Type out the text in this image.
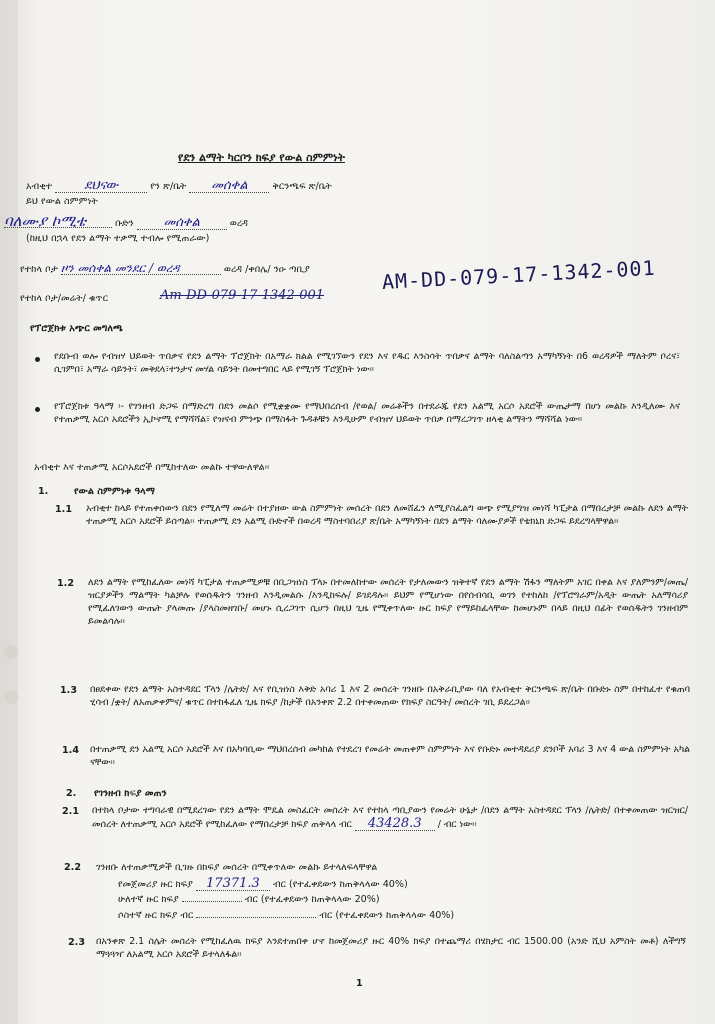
የደን ልማት ካርቦን ክፍያ የውል ስምምነት
አብቂተ ደህናው	የን ጽ/ቤት መሰቀል	ቅርንጫፍ ጽ/ቤት
ይህ የውል ስምምነት
ባለሙያ ኮሚቴ	ቡድን መሰቀል	ወረዳ
(ከዚህ በኋላ የደን ልማት ተቃሚ ተብሎ የሚጠራው)
የተከላ ቦታ ዞን መሰቀል መንደር / ወረዳ	ወረዳ /ቀበሌ/ ንዑ ጣቢያ
የተከላ ቦታ/መሬት/ ቁጥር	Am-DD-079-17-1342-001
AM-DD-079-17-1342-001
የፕሮጀክቱ አጭር መግለጫ
የደቡብ ወሎ የብዝሃ ህይወት ጥበቃና የደን ልማት ፕሮጀክት በአማራ ክልል የሚገኘውን የደን እና የዱር እንስሳት ጥበቃና ልማት ባለስልጣን አማካኝነት በ6 ወረዳዎች ማለትም ቦረና፣ ሲገምበ፣ አማራ ሳይንት፣ መቅደላ፣ተንታና መሃል ሳይንት በመተግበር ላይ የሚገኝ ፕሮጀክት ነው፡፡
የፕሮጀክቱ ዓላማ ፡- የገንዘብ ድጋፍ በማድረግ በደን መልሶ የሚቋቋሙ የማህበረሰብ /የወል/ መሬቶችን በተደራጁ የደን አልሚ አርሶ አደሮች ውጤታማ በሆነ መልኩ እንዲለሙ እና የተጠቃሚ አርሶ አደሮችን ኢኮኖሚ የማሻሻል፣ የዝናብ ምንጭ በማስፋት ጉዳቶቹን እንዲሁም የብዝሃ ህይወት ጥበቃ በማረጋገጥ ዘላቂ ልማትን ማሻሻል ነው፡፡
አብቂተ እና ተጠቃሚ አርሶአደሮች በሚከተለው መልኩ ተዋውለዋል፡፡
1.	የውል ስምምነቱ ዓላማ
1.1 አብቂተ ከላይ የተጠቀሰውን በደን የሚለማ መሬት በተያዘው ውል ስምምነት መሰረት በደን ለመሸፈን ለሚያስፈልግ ወጭ የሚያግዝ መነሻ ካፒታል በማበረታቻ መልኩ ለደን ልማት ተጠቃሚ አርሶ አደሮች ይሰጣል፡፡ ተጠቃሚ ደን አልሚ ቡድኖች በወረዳ ማስተባበሪያ ጽ/ቤት አማካኝነት በደን ልማት ባለሙያዎች የቴክኒክ ድጋፍ ይደረግላቸዋል፡፡
1.2 ለደን ልማት የሚከፈለው መነሻ ካፒታል ተጠቃሚዎቹ በቢጋዝነስ ፕላኑ በተመለከተው መሰረት የታለመውን ዝቅተኛ የደን ልማት ሽፋን ማለትም አገር በቀል እና ያለምንም/መጤ/ ዝርያዎችን ማልማት ካልቻሉ የወሰዱትን ገንዘብ እንዲመልሱ /እንዲከፍሉ/ ይገደዳሉ፡፡ ይህም የሚሆነው በየሰብሳቢ ወገን የተከለከ /የፕሮግራም/አዲት ውጤት አለማሳሪያ የሚፈለገውን ውጤት ያላመጡ /ያላስመዘገቡ/ መሆኑ ሲረጋገጥ ሲሆን በዚህ ጊዜ የሚቀጥለው ዙር ክፍያ የማይከፈላቸው ከመሆኑም በላይ በዚህ በፊት የወሰዱትን ገንዘብም ይመልሳሉ፡፡
1.3 በፀደቀው የደን ልማት አስተዳደር ፕላን /ሌትድ/ እና የቢዝነስ እቅድ አባሪ 1 እና 2 መሰረት ገንዘቡ በአቅራቢያው ባለ የአብቂተ ቅርንጫፍ ጽ/ቤት በቡድኑ ስም በተከፈተ የቁጠባ ሂሳብ /ቋት/ ለአጠቃቀምና/ ቁጥር በተከፋፈለ ጊዜ ክፍያ /ከታች በአንቀጽ 2.2 በተቀመጠው የክፍያ ስርዓት/ መሰረት ገቢ ይደረጋል፡፡
1.4 በተጠቃሚ ደን አልሚ አርሶ አደሮች እና በአካባቢው ማህበረሰብ መካከል የተደረገ የመሬት መጠቀም ስምምነት እና የቡድኑ መተዳደሪያ ደንቦች አባሪ 3 እና 4 ውል ስምምነት አካል ናቸው፡፡
2. የገንዘብ ክፍያ መጠን
2.1 በተከላ ቦታው ተግባራዊ በሚደረገው የደን ልማት ሞዴል መስፈርት መሰረት እና የተከላ ጣቢያውን የመሬት ሁኔታ /በደን ልማት አስተዳደር ፕላን /ሌትድ/ በተቀመጠው ዝርዝር/ መሰረት ለተጠቃሚ አርሶ አደሮች የሚከፈለው የማበረታቻ ክፍያ ጠቅላላ ብር 43428.3 / ብር ነው፡፡
2.2 ገንዘቡ ለተጠቃሚዎች ቢገዙ በክፍያ መሰረት በሚቀጥለው መልኩ ይተላለፍላቸዋል
የመጀመሪያ ዙር ክፍያ 17371.3 ብር (የተፈቀደውን ከጠቅላላው 40%)
ሁለተኛ ዙር ክፍያ	ብር (የተፈቀደውን ከጠቅላላው 20%)
ሶስተኛ ዙር ክፍያ ብር	ብር (የተፈቀደውን ከጠቅላላው 40%)
2.3 በአንቀጽ 2.1 ስሌት መሰረት የሚከፈለዉ ክፍያ እንደተጠበቀ ሆኖ ከመጀመሪያ ዙር 40% ክፍያ በተጨማሪ በሄክታር ብር 1500.00 (አንድ ሺህ አምስት መቶ) ለችግኝ ማጓጓዣ ለአልሚ አርሶ አደሮች ይተላለፋል፡፡
1
